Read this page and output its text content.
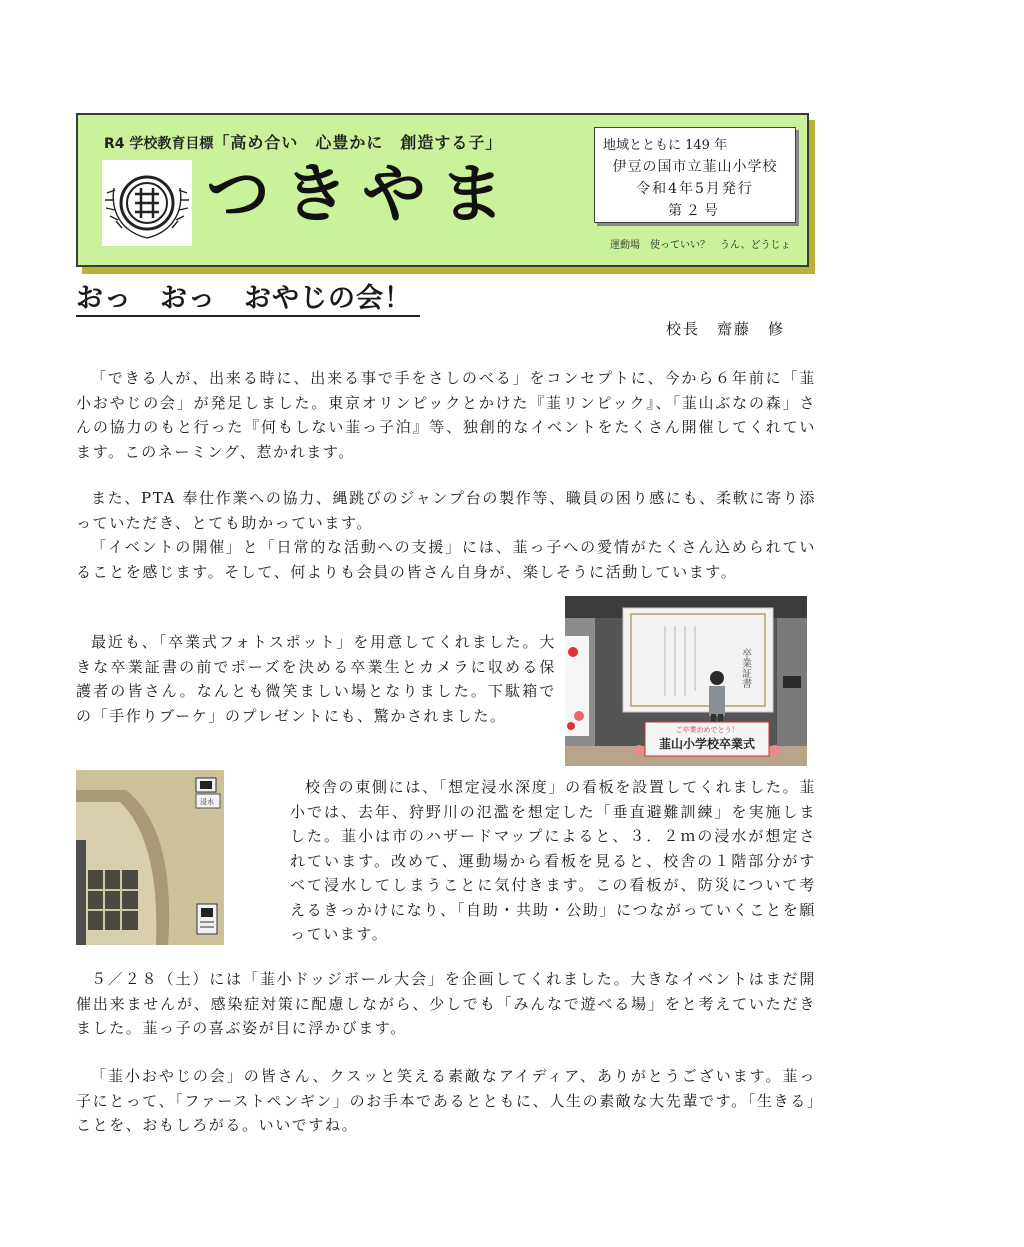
R4 学校教育目標「高め合い　心豊かに　創造する子」
つきやま
地域とともに 149 年
伊豆の国市立韮山小学校
令和4年5月発行
第２号
運動場　使っていい？　うん、どうじょ
おっ　おっ　おやじの会！
校長　齋藤　修

「できる人が、出来る時に、出来る事で手をさしのべる」をコンセプトに、今から６年前に「韮小おやじの会」が発足しました。東京オリンピックとかけた『韮リンピック』、「韮山ぶなの森」さんの協力のもと行った『何もしない韮っ子泊』等、独創的なイベントをたくさん開催してくれています。このネーミング、惹かれます。

また、PTA 奉仕作業への協力、縄跳びのジャンプ台の製作等、職員の困り感にも、柔軟に寄り添っていただき、とても助かっています。

「イベントの開催」と「日常的な活動への支援」には、韮っ子への愛情がたくさん込められていることを感じます。そして、何よりも会員の皆さん自身が、楽しそうに活動しています。

最近も、「卒業式フォトスポット」を用意してくれました。大きな卒業証書の前でポーズを決める卒業生とカメラに収める保護者の皆さん。なんとも微笑ましい場となりました。下駄箱での「手作りブーケ」のプレゼントにも、驚かされました。

校舎の東側には、「想定浸水深度」の看板を設置してくれました。韮小では、去年、狩野川の氾濫を想定した「垂直避難訓練」を実施しました。韮小は市のハザードマップによると、３．２ｍの浸水が想定されています。改めて、運動場から看板を見ると、校舎の１階部分がすべて浸水してしまうことに気付きます。この看板が、防災について考えるきっかけになり、「自助・共助・公助」につながっていくことを願っています。

５／２８（土）には「韮小ドッジボール大会」を企画してくれました。大きなイベントはまだ開催出来ませんが、感染症対策に配慮しながら、少しでも「みんなで遊べる場」をと考えていただきました。韮っ子の喜ぶ姿が目に浮かびます。

「韮小おやじの会」の皆さん、クスッと笑える素敵なアイディア、ありがとうございます。韮っ子にとって、「ファーストペンギン」のお手本であるとともに、人生の素敵な大先輩です。「生きる」ことを、おもしろがる。いいですね。

卒業証書
ご卒業おめでとう！
韮山小学校卒業式
浸水
